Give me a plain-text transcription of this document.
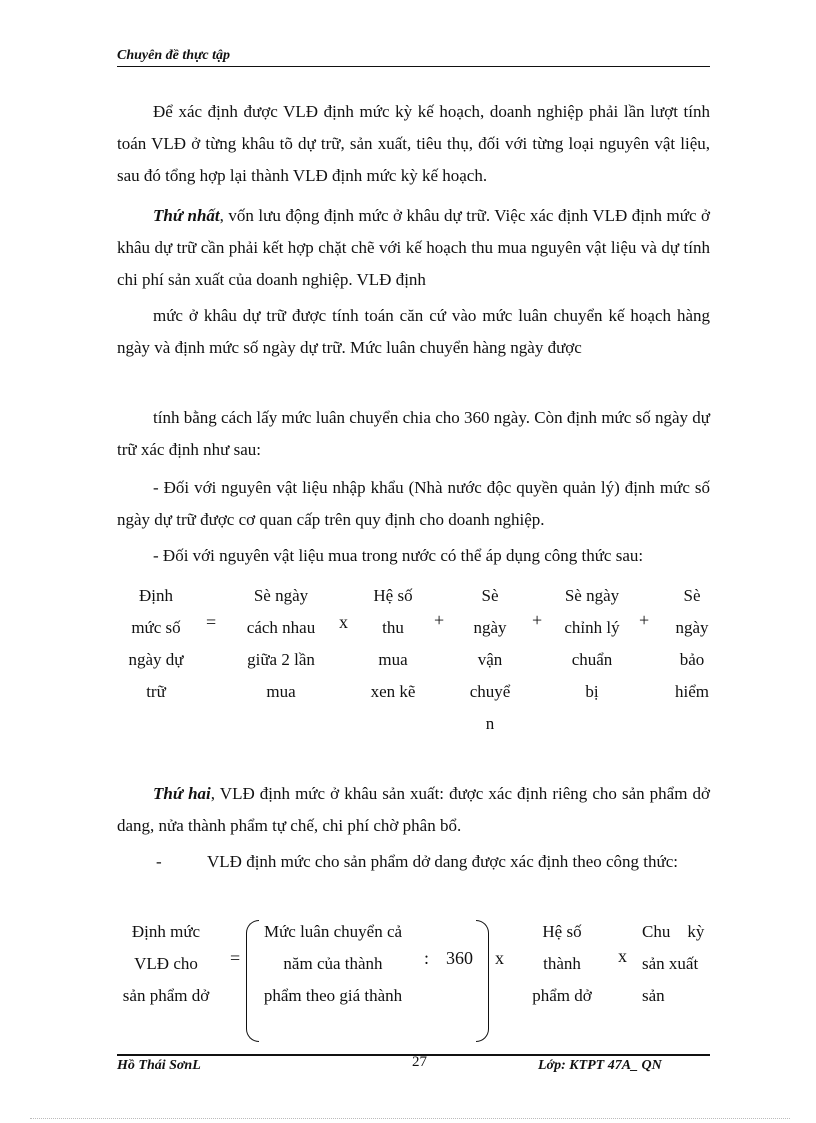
Chuyên đề thực tập
Để xác định được VLĐ định mức kỳ kế hoạch, doanh nghiệp phải lần lượt tính toán VLĐ ở từng khâu tõ dự trữ, sản xuất, tiêu thụ, đối với từng loại nguyên vật liệu, sau đó tổng hợp lại thành VLĐ định mức kỳ kế hoạch.
Thứ nhất, vốn lưu động định mức ở khâu dự trữ. Việc xác định VLĐ định mức ở khâu dự trữ cần phải kết hợp chặt chẽ với kế hoạch thu mua nguyên vật liệu và dự tính chi phí sản xuất của doanh nghiệp. VLĐ định
mức ở khâu dự trữ được tính toán căn cứ vào mức luân chuyển kế hoạch hàng ngày và định mức số ngày dự trữ. Mức luân chuyển hàng ngày được
tính bằng cách lấy mức luân chuyển chia cho 360 ngày. Còn định mức số ngày dự trữ xác định như sau:
- Đối với nguyên vật liệu nhập khẩu (Nhà nước độc quyền quản lý) định mức số ngày dự trữ được cơ quan cấp trên quy định cho doanh nghiệp.
- Đối với nguyên vật liệu mua trong nước có thể áp dụng công thức sau:
Định
mức số
ngày dự
trữ
=
Sè ngày
cách nhau
giữa 2 lần
mua
x
Hệ số
thu
mua
xen kẽ
+
Sè
ngày
vận
chuyể
n
+
Sè ngày
chỉnh lý
chuẩn
bị
+
Sè
ngày
bảo
hiểm
Thứ hai, VLĐ định mức ở khâu sản xuất: được xác định riêng cho sản phẩm dở dang, nửa thành phẩm tự chế, chi phí chờ phân bổ.
-	VLĐ định mức cho sản phẩm dở dang được xác định theo công thức:
Định mức
VLĐ cho
sản phẩm dở
=
Mức luân chuyển cả
năm của thành
phẩm theo giá thành
: 360 x
Hệ số
thành
phẩm dở
x
Chu    kỳ
sản xuất
sản
Hồ Thái SơnL	27	Lớp: KTPT 47A_ QN
